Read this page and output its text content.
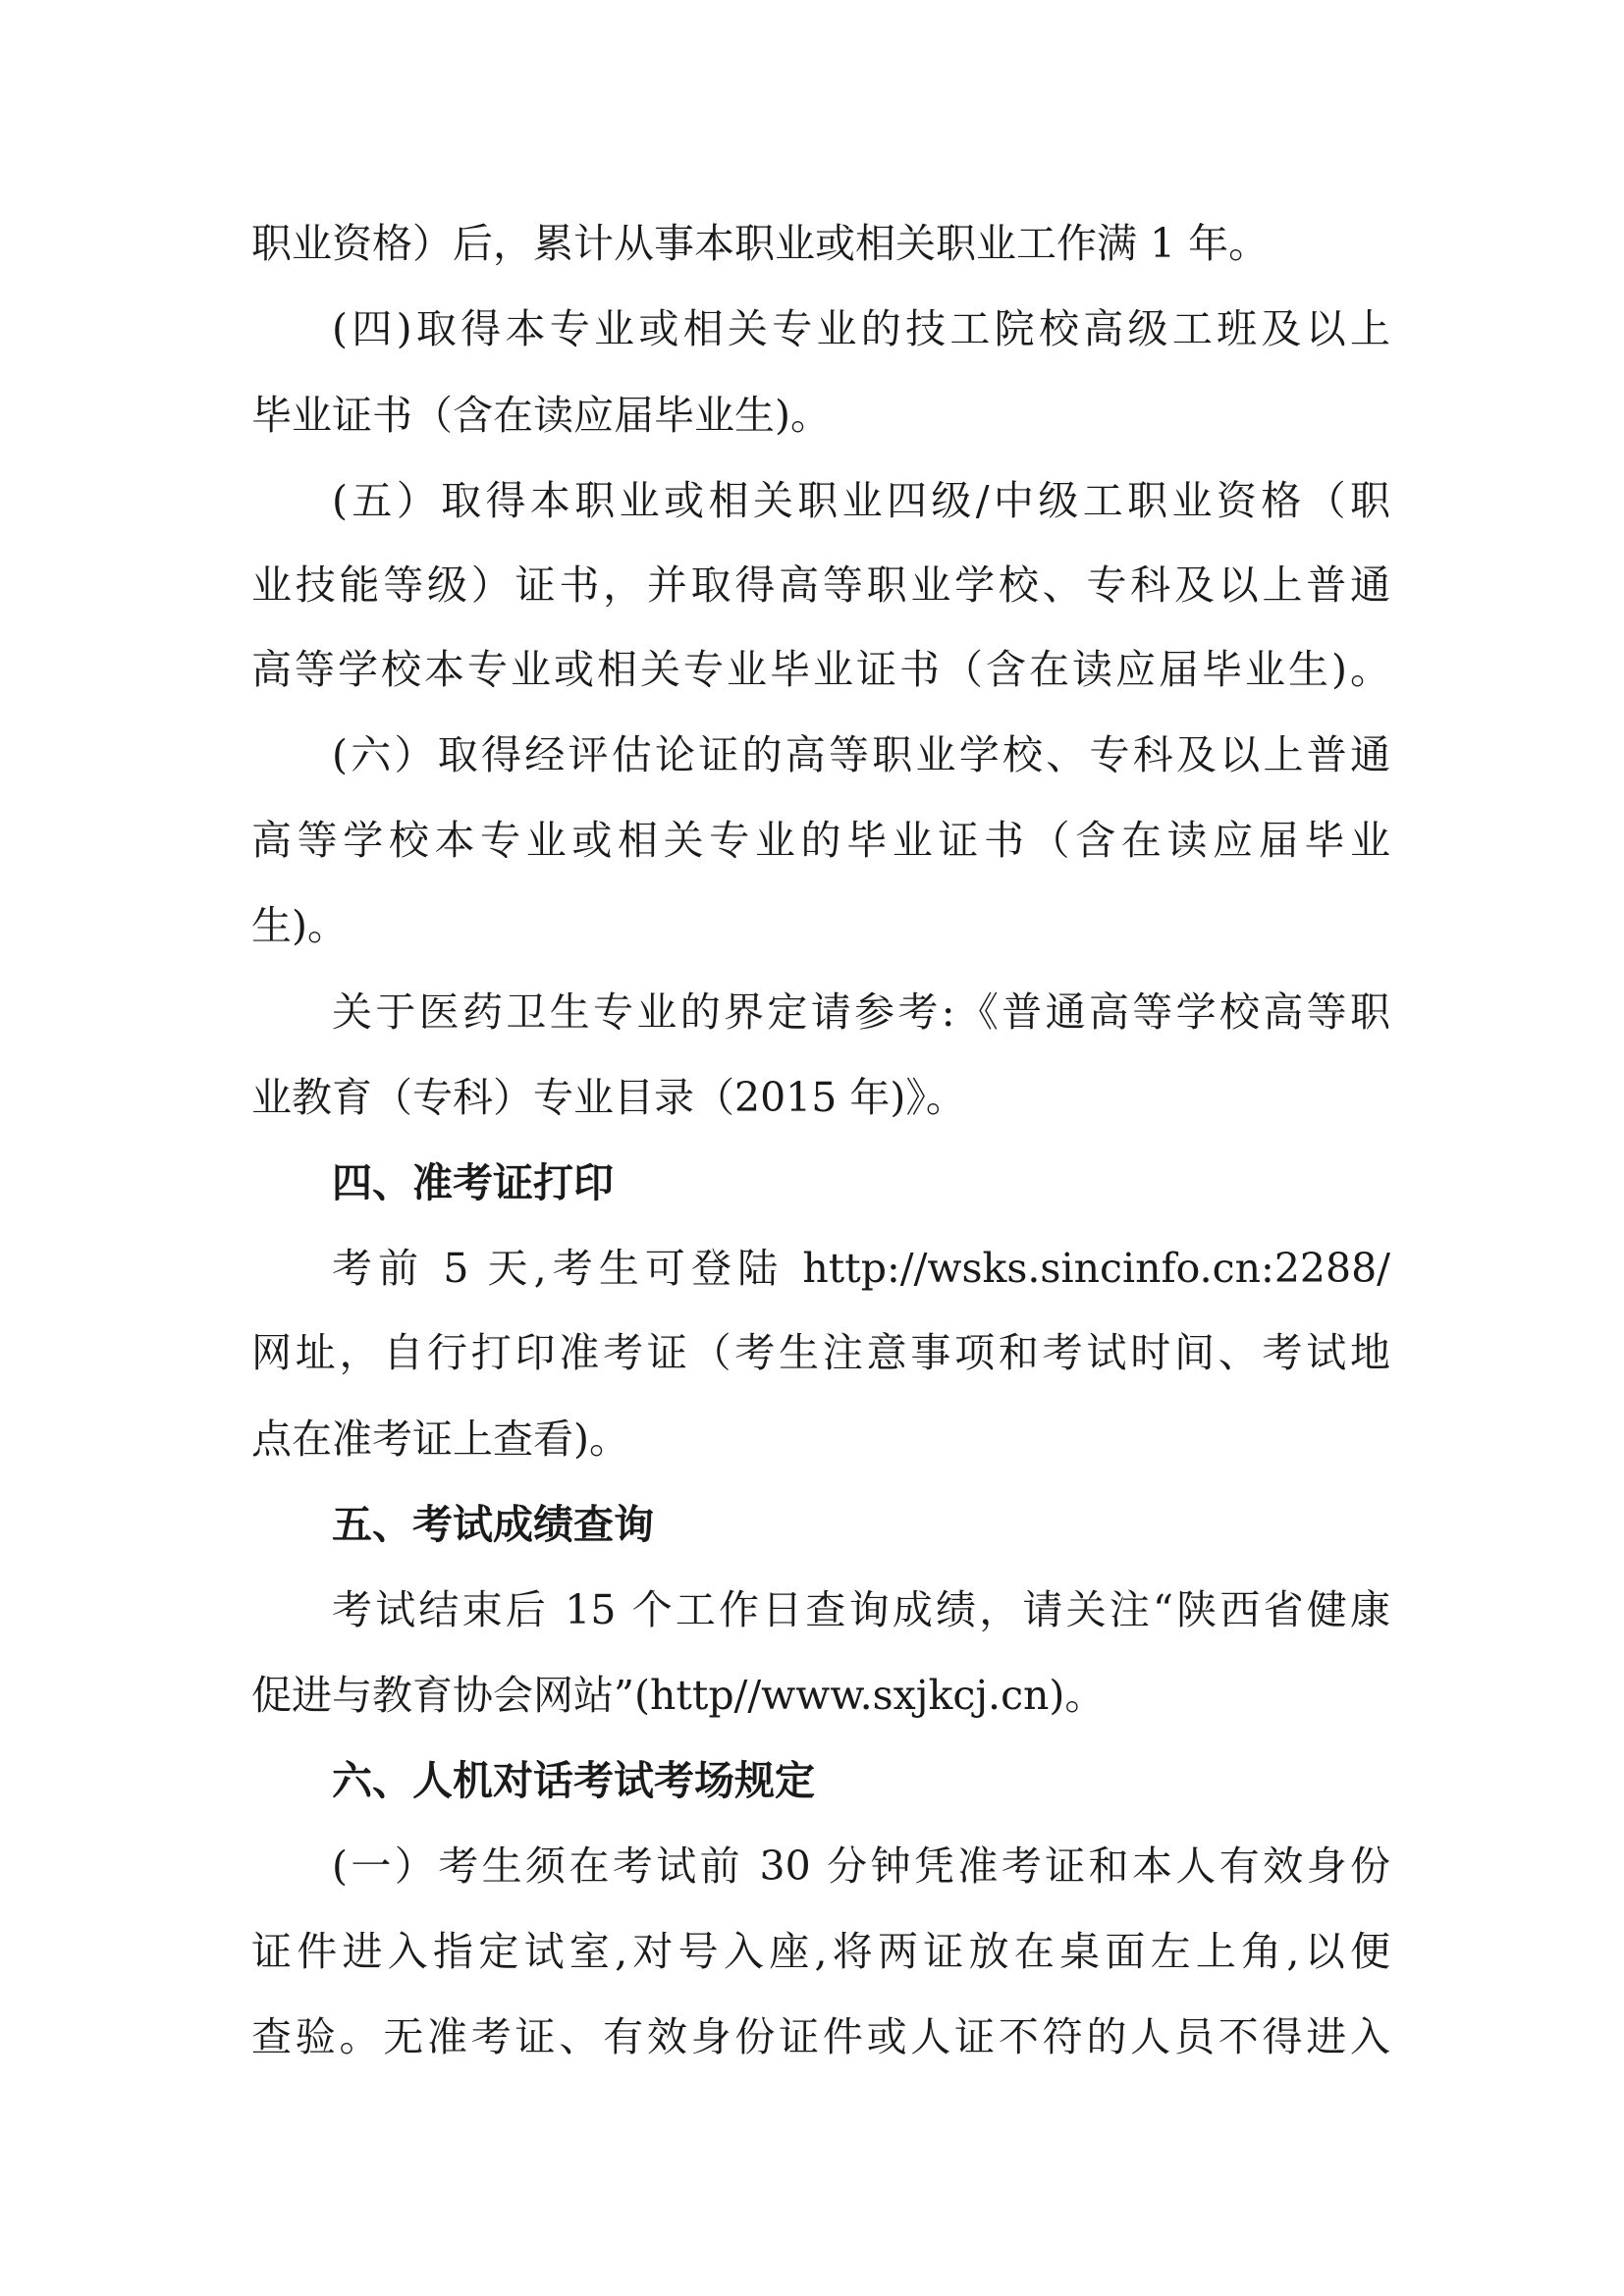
职业资格）后，累计从事本职业或相关职业工作满 1 年。
(四)取得本专业或相关专业的技工院校高级工班及以上
毕业证书（含在读应届毕业生)。
(五）取得本职业或相关职业四级/中级工职业资格（职
业技能等级）证书，并取得高等职业学校、专科及以上普通
高等学校本专业或相关专业毕业证书（含在读应届毕业生)。
(六）取得经评估论证的高等职业学校、专科及以上普通
高等学校本专业或相关专业的毕业证书（含在读应届毕业
生)。
关于医药卫生专业的界定请参考:《普通高等学校高等职
业教育（专科）专业目录（2015 年)》。
四、准考证打印
考前 5 天,考生可登陆 http://wsks.sincinfo.cn:2288/
网址，自行打印准考证（考生注意事项和考试时间、考试地
点在准考证上查看)。
五、考试成绩查询
考试结束后 15 个工作日查询成绩，请关注“陕西省健康
促进与教育协会网站”(http//www.sxjkcj.cn)。
六、人机对话考试考场规定
(一）考生须在考试前 30 分钟凭准考证和本人有效身份
证件进入指定试室,对号入座,将两证放在桌面左上角,以便
查验。无准考证、有效身份证件或人证不符的人员不得进入
